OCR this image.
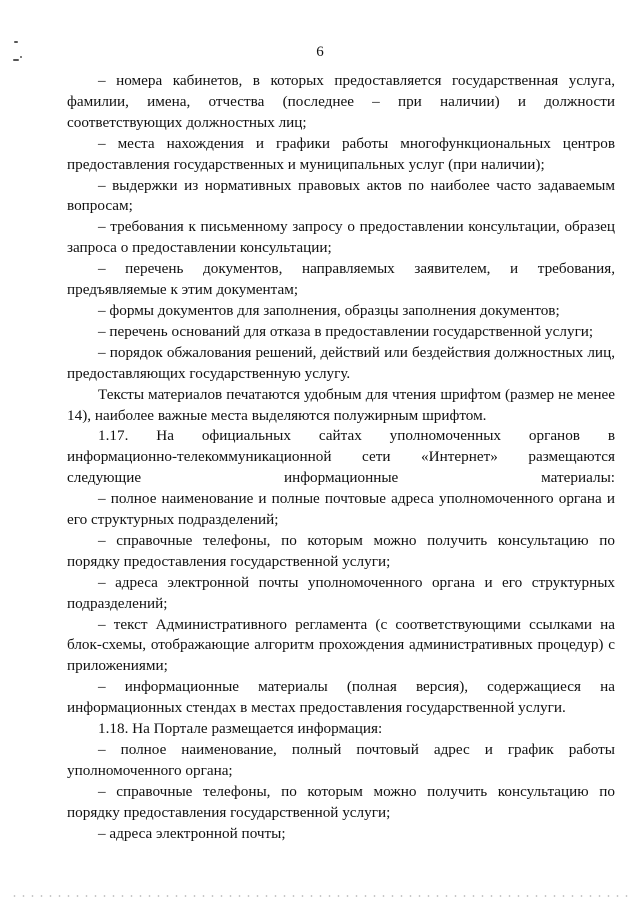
6

– номера кабинетов, в которых предоставляется государственная услуга, фамилии, имена, отчества (последнее – при наличии) и должности соответствующих должностных лиц;

– места нахождения и графики работы многофункциональных центров предоставления государственных и муниципальных услуг (при наличии);

– выдержки из нормативных правовых актов по наиболее часто задаваемым вопросам;

– требования к письменному запросу о предоставлении консультации, образец запроса о предоставлении консультации;

– перечень документов, направляемых заявителем, и требования, предъявляемые к этим документам;

– формы документов для заполнения, образцы заполнения документов;

– перечень оснований для отказа в предоставлении государственной услуги;

– порядок обжалования решений, действий или бездействия должностных лиц, предоставляющих государственную услугу.

Тексты материалов печатаются удобным для чтения шрифтом (размер не менее 14), наиболее важные места выделяются полужирным шрифтом.

1.17. На официальных сайтах уполномоченных органов в информационно-телекоммуникационной сети «Интернет» размещаются следующие информационные материалы:

– полное наименование и полные почтовые адреса уполномоченного органа и его структурных подразделений;

– справочные телефоны, по которым можно получить консультацию по порядку предоставления государственной услуги;

– адреса электронной почты уполномоченного органа и его структурных подразделений;

– текст Административного регламента (с соответствующими ссылками на блок-схемы, отображающие алгоритм прохождения административных процедур) с приложениями;

– информационные материалы (полная версия), содержащиеся на информационных стендах в местах предоставления государственной услуги.

1.18. На Портале размещается информация:

– полное наименование, полный почтовый адрес и график работы уполномоченного органа;

– справочные телефоны, по которым можно получить консультацию по порядку предоставления государственной услуги;

– адреса электронной почты;
